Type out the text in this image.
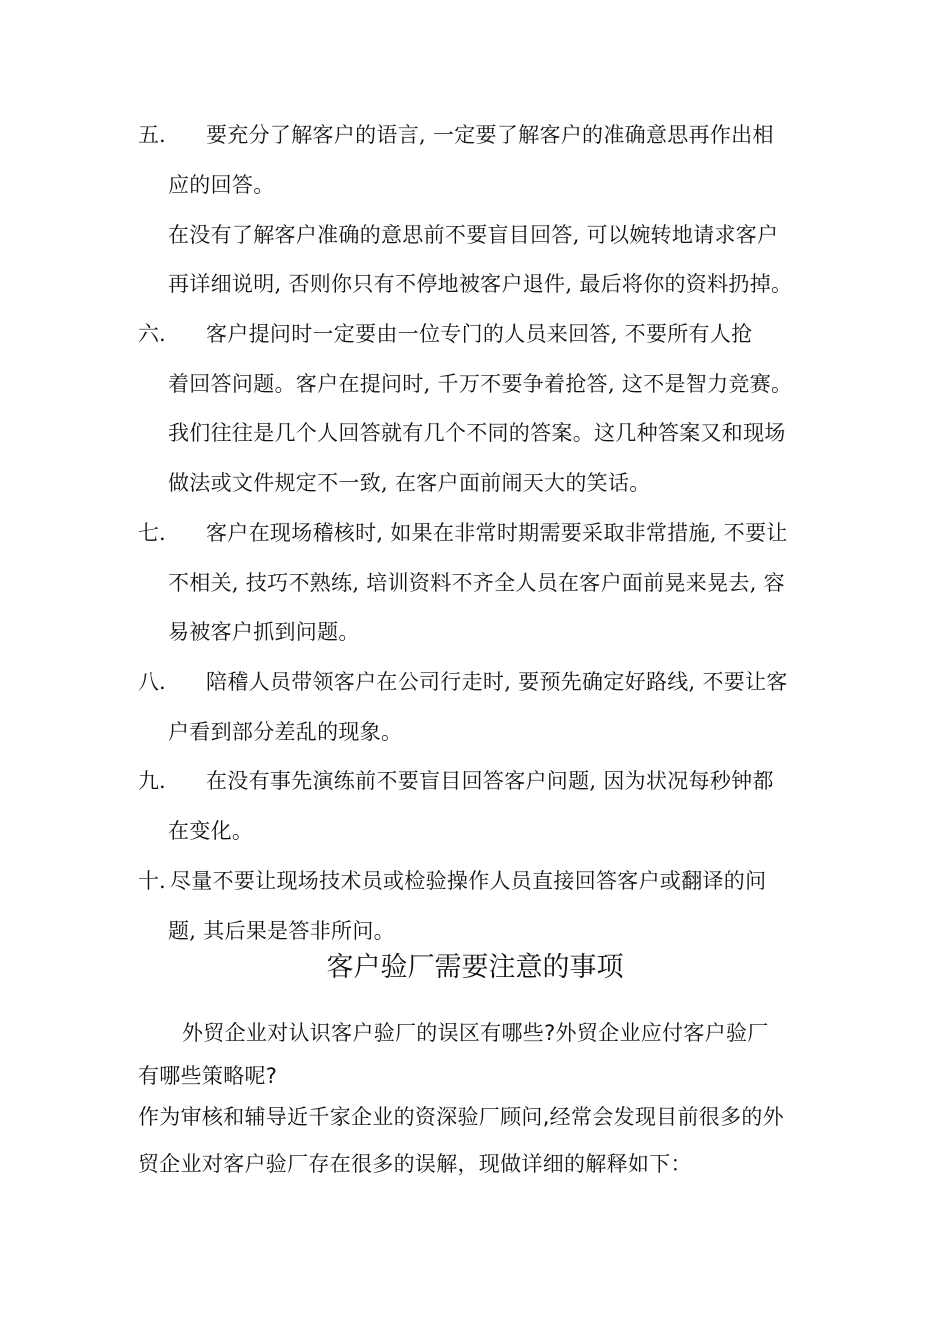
五. 要充分了解客户的语言, 一定要了解客户的准确意思再作出相
应的回答。
在没有了解客户准确的意思前不要盲目回答, 可以婉转地请求客户
再详细说明, 否则你只有不停地被客户退件, 最后将你的资料扔掉。
六. 客户提问时一定要由一位专门的人员来回答, 不要所有人抢
着回答问题。客户在提问时, 千万不要争着抢答, 这不是智力竞赛。
我们往往是几个人回答就有几个不同的答案。这几种答案又和现场
做法或文件规定不一致, 在客户面前闹天大的笑话。
七. 客户在现场稽核时, 如果在非常时期需要采取非常措施, 不要让
不相关, 技巧不熟练, 培训资料不齐全人员在客户面前晃来晃去, 容
易被客户抓到问题。
八. 陪稽人员带领客户在公司行走时, 要预先确定好路线, 不要让客
户看到部分差乱的现象。
九. 在没有事先演练前不要盲目回答客户问题, 因为状况每秒钟都
在变化。
十. 尽量不要让现场技术员或检验操作人员直接回答客户或翻译的问
题, 其后果是答非所问。
客户验厂需要注意的事项
外贸企业对认识客户验厂的误区有哪些?外贸企业应付客户验厂
有哪些策略呢?
作为审核和辅导近千家企业的资深验厂顾问,经常会发现目前很多的外
贸企业对客户验厂存在很多的误解，现做详细的解释如下：
